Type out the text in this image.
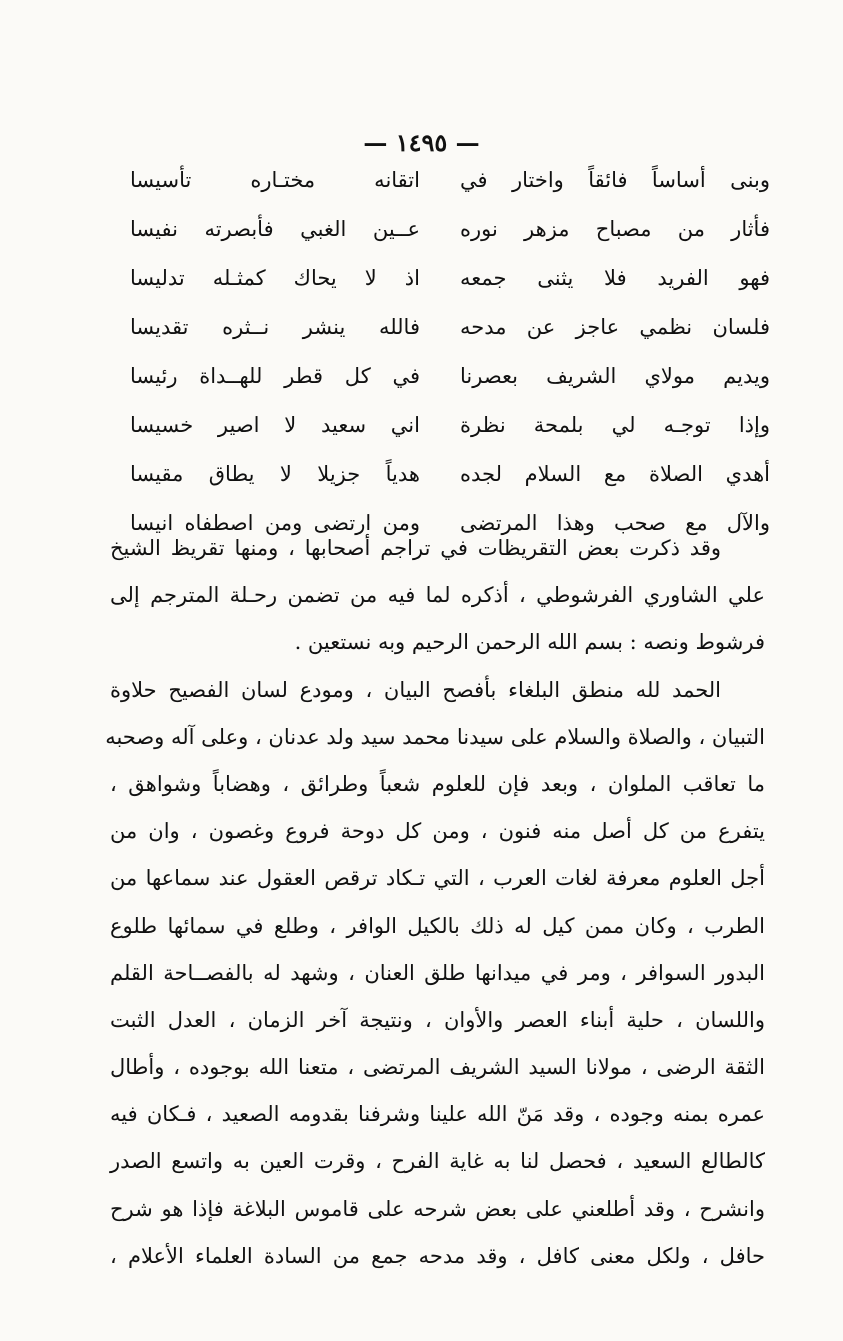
— ١٤٩٥ —
وبنى أساساً فائقاً واختار في
اتقانه مختـاره تأسيسا
فأثار من مصباح مزهر نوره
عــين الغبي فأبصرته نفيسا
فهو الفريد فلا يثنى جمعه
اذ لا يحاك كمثـله تدليسا
فلسان نظمي عاجز عن مدحه
فالله ينشر نــثره تقديسا
ويديم مولاي الشريف بعصرنا
في كل قطر للهــداة رئيسا
وإذا توجـه لي بلمحة نظرة
اني سعيد لا اصير خسيسا
أهدي الصلاة مع السلام لجده
هدياً جزيلا لا يطاق مقيسا
والآل مع صحب وهذا المرتضى
ومن ارتضى ومن اصطفاه انيسا
وقد ذكرت بعض التقريظات في تراجم أصحابها ، ومنها تقريظ الشيخ
علي الشاوري الفرشوطي ، أذكره لما فيه من تضمن رحـلة المترجم إلى
فرشوط ونصه : بسم الله الرحمن الرحيم وبه نستعين .
الحمد لله منطق البلغاء بأفصح البيان ، ومودع لسان الفصيح حلاوة
التبيان ، والصلاة والسلام على سيدنا محمد سيد ولد عدنان ، وعلى آله وصحبه
ما تعاقب الملوان ، وبعد فإن للعلوم شعباً وطرائق ، وهضاباً وشواهق ،
يتفرع من كل أصل منه فنون ، ومن كل دوحة فروع وغصون ، وان من
أجل العلوم معرفة لغات العرب ، التي تـكاد ترقص العقول عند سماعها من
الطرب ، وكان ممن كيل له ذلك بالكيل الوافر ، وطلع في سمائها طلوع
البدور السوافر ، ومر في ميدانها طلق العنان ، وشهد له بالفصــاحة القلم
واللسان ، حلية أبناء العصر والأوان ، ونتيجة آخر الزمان ، العدل الثبت
الثقة الرضى ، مولانا السيد الشريف المرتضى ، متعنا الله بوجوده ، وأطال
عمره بمنه وجوده ، وقد مَنّ الله علينا وشرفنا بقدومه الصعيد ، فـكان فيه
كالطالع السعيد ، فحصل لنا به غاية الفرح ، وقرت العين به واتسع الصدر
وانشرح ، وقد أطلعني على بعض شرحه على قاموس البلاغة فإذا هو شرح
حافل ، ولكل معنى كافل ، وقد مدحه جمع من السادة العلماء الأعلام ،
